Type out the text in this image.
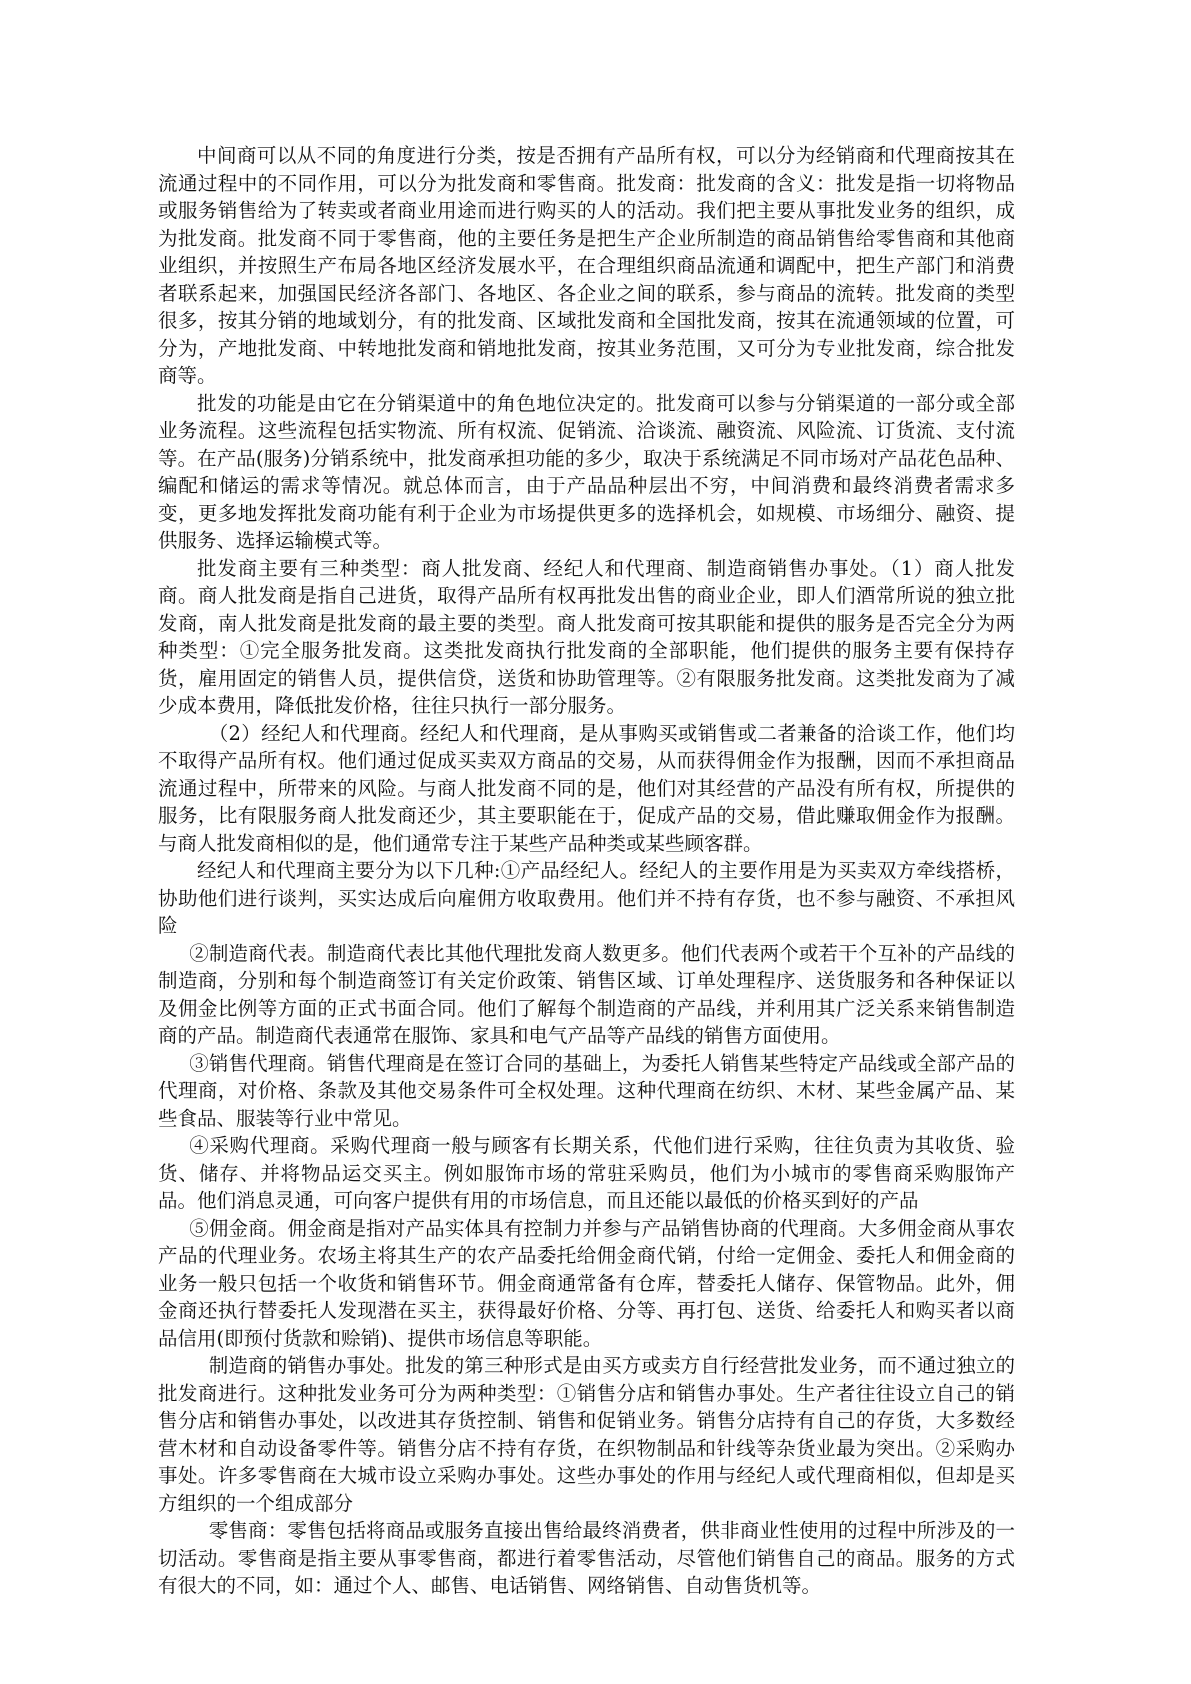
中间商可以从不同的角度进行分类，按是否拥有产品所有权，可以分为经销商和代理商按其在流通过程中的不同作用，可以分为批发商和零售商。批发商：批发商的含义：批发是指一切将物品或服务销售给为了转卖或者商业用途而进行购买的人的活动。我们把主要从事批发业务的组织，成为批发商。批发商不同于零售商，他的主要任务是把生产企业所制造的商品销售给零售商和其他商业组织，并按照生产布局各地区经济发展水平，在合理组织商品流通和调配中，把生产部门和消费者联系起来，加强国民经济各部门、各地区、各企业之间的联系，参与商品的流转。批发商的类型很多，按其分销的地域划分，有的批发商、区域批发商和全国批发商，按其在流通领域的位置，可分为，产地批发商、中转地批发商和销地批发商，按其业务范围，又可分为专业批发商，综合批发商等。

批发的功能是由它在分销渠道中的角色地位决定的。批发商可以参与分销渠道的一部分或全部业务流程。这些流程包括实物流、所有权流、促销流、洽谈流、融资流、风险流、订货流、支付流等。在产品(服务)分销系统中，批发商承担功能的多少，取决于系统满足不同市场对产品花色品种、编配和储运的需求等情况。就总体而言，由于产品品种层出不穷，中间消费和最终消费者需求多变，更多地发挥批发商功能有利于企业为市场提供更多的选择机会，如规模、市场细分、融资、提供服务、选择运输模式等。

批发商主要有三种类型：商人批发商、经纪人和代理商、制造商销售办事处。（1）商人批发商。商人批发商是指自己进货，取得产品所有权再批发出售的商业企业，即人们酒常所说的独立批发商，南人批发商是批发商的最主要的类型。商人批发商可按其职能和提供的服务是否完全分为两种类型：①完全服务批发商。这类批发商执行批发商的全部职能，他们提供的服务主要有保持存货，雇用固定的销售人员，提供信贷，送货和协助管理等。②有限服务批发商。这类批发商为了减少成本费用，降低批发价格，往往只执行一部分服务。

（2）经纪人和代理商。经纪人和代理商，是从事购买或销售或二者兼备的洽谈工作，他们均不取得产品所有权。他们通过促成买卖双方商品的交易，从而获得佣金作为报酬，因而不承担商品流通过程中，所带来的风险。与商人批发商不同的是，他们对其经营的产品没有所有权，所提供的服务，比有限服务商人批发商还少，其主要职能在于，促成产品的交易，借此赚取佣金作为报酬。与商人批发商相似的是，他们通常专注于某些产品种类或某些顾客群。

经纪人和代理商主要分为以下几种:①产品经纪人。经纪人的主要作用是为买卖双方牵线搭桥，协助他们进行谈判，买实达成后向雇佣方收取费用。他们并不持有存货，也不参与融资、不承担风险

②制造商代表。制造商代表比其他代理批发商人数更多。他们代表两个或若干个互补的产品线的制造商，分别和每个制造商签订有关定价政策、销售区域、订单处理程序、送货服务和各种保证以及佣金比例等方面的正式书面合同。他们了解每个制造商的产品线，并利用其广泛关系来销售制造商的产品。制造商代表通常在服饰、家具和电气产品等产品线的销售方面使用。

③销售代理商。销售代理商是在签订合同的基础上，为委托人销售某些特定产品线或全部产品的代理商，对价格、条款及其他交易条件可全权处理。这种代理商在纺织、木材、某些金属产品、某些食品、服装等行业中常见。

④采购代理商。采购代理商一般与顾客有长期关系，代他们进行采购，往往负责为其收货、验货、储存、并将物品运交买主。例如服饰市场的常驻采购员，他们为小城市的零售商采购服饰产品。他们消息灵通，可向客户提供有用的市场信息，而且还能以最低的价格买到好的产品

⑤佣金商。佣金商是指对产品实体具有控制力并参与产品销售协商的代理商。大多佣金商从事农产品的代理业务。农场主将其生产的农产品委托给佣金商代销，付给一定佣金、委托人和佣金商的业务一般只包括一个收货和销售环节。佣金商通常备有仓库，替委托人储存、保管物品。此外，佣金商还执行替委托人发现潜在买主，获得最好价格、分等、再打包、送货、给委托人和购买者以商品信用(即预付货款和赊销)、提供市场信息等职能。

制造商的销售办事处。批发的第三种形式是由买方或卖方自行经营批发业务，而不通过独立的批发商进行。这种批发业务可分为两种类型：①销售分店和销售办事处。生产者往往设立自己的销售分店和销售办事处，以改进其存货控制、销售和促销业务。销售分店持有自己的存货，大多数经营木材和自动设备零件等。销售分店不持有存货，在织物制品和针线等杂货业最为突出。②采购办事处。许多零售商在大城市设立采购办事处。这些办事处的作用与经纪人或代理商相似，但却是买方组织的一个组成部分

零售商：零售包括将商品或服务直接出售给最终消费者，供非商业性使用的过程中所涉及的一切活动。零售商是指主要从事零售商，都进行着零售活动，尽管他们销售自己的商品。服务的方式有很大的不同，如：通过个人、邮售、电话销售、网络销售、自动售货机等。
